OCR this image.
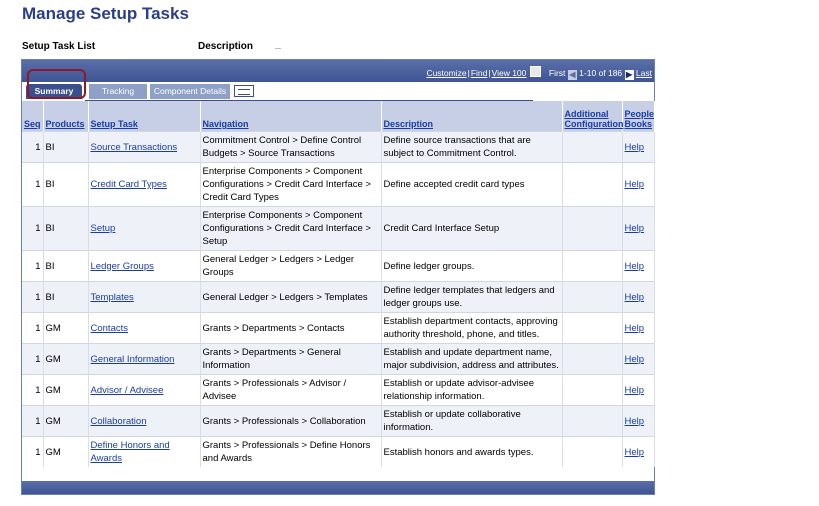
Manage Setup Tasks
Setup Task List	Description
Customize|Find|View 100	First ◀ 1-10 of 186 ▶ Last
Summary	Tracking	Component Details
Seq	Products	Setup Task	Navigation	Description	Additional Configuration	People Books
1	BI	Source Transactions	Commitment Control > Define Control Budgets > Source Transactions	Define source transactions that are subject to Commitment Control.		Help
1	BI	Credit Card Types	Enterprise Components > Component Configurations > Credit Card Interface > Credit Card Types	Define accepted credit card types		Help
1	BI	Setup	Enterprise Components > Component Configurations > Credit Card Interface > Setup	Credit Card Interface Setup		Help
1	BI	Ledger Groups	General Ledger > Ledgers > Ledger Groups	Define ledger groups.		Help
1	BI	Templates	General Ledger > Ledgers > Templates	Define ledger templates that ledgers and ledger groups use.		Help
1	GM	Contacts	Grants > Departments > Contacts	Establish department contacts, approving authority threshold, phone, and titles.		Help
1	GM	General Information	Grants > Departments > General Information	Establish and update department name, major subdivision, address and attributes.		Help
1	GM	Advisor / Advisee	Grants > Professionals > Advisor / Advisee	Establish or update advisor-advisee relationship information.		Help
1	GM	Collaboration	Grants > Professionals > Collaboration	Establish or update collaborative information.		Help
1	GM	Define Honors and Awards	Grants > Professionals > Define Honors and Awards	Establish honors and awards types.		Help
